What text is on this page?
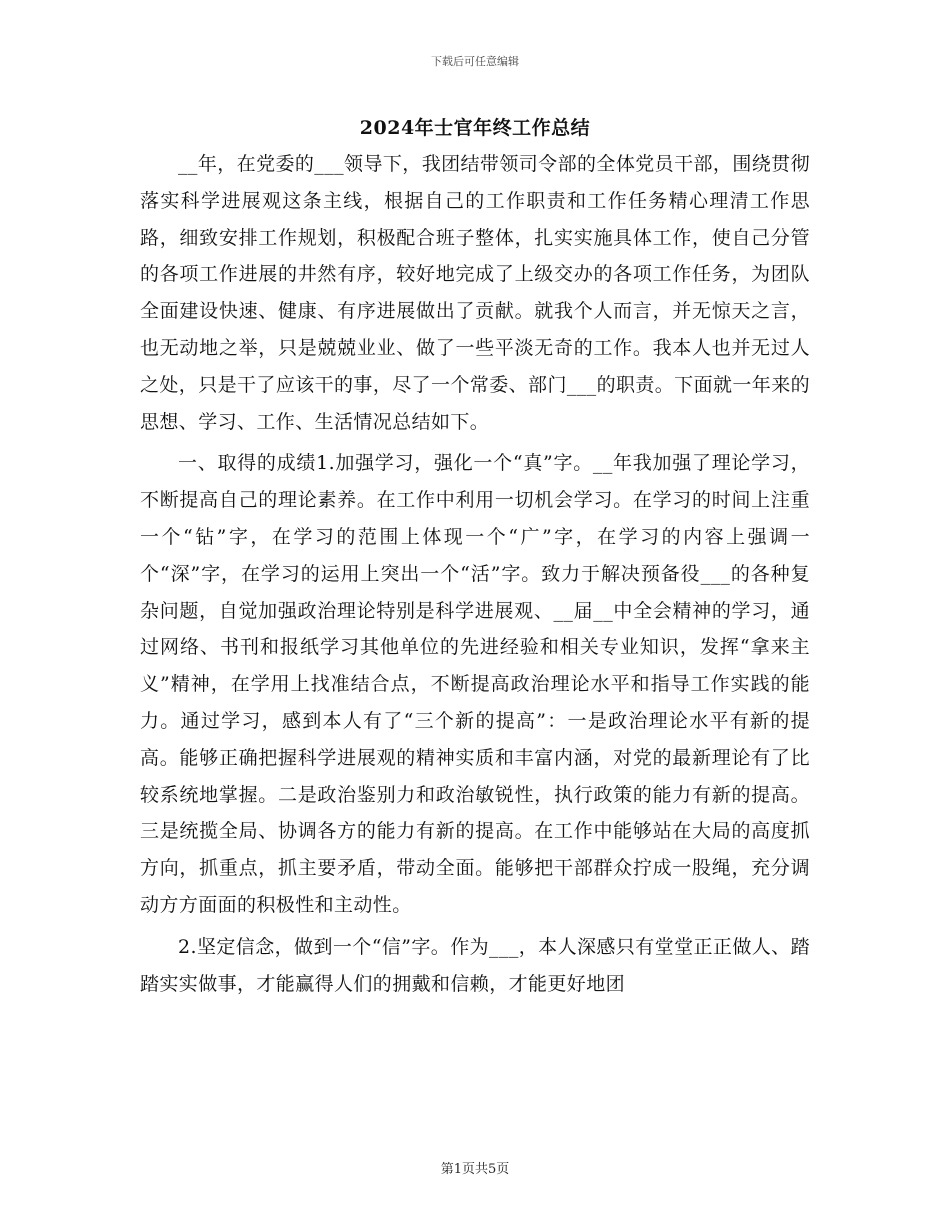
下载后可任意编辑
2024年士官年终工作总结

__年，在党委的___领导下，我团结带领司令部的全体党员干部，围绕贯彻落实科学进展观这条主线，根据自己的工作职责和工作任务精心理清工作思路，细致安排工作规划，积极配合班子整体，扎实实施具体工作，使自己分管的各项工作进展的井然有序，较好地完成了上级交办的各项工作任务，为团队全面建设快速、健康、有序进展做出了贡献。就我个人而言，并无惊天之言，也无动地之举，只是兢兢业业、做了一些平淡无奇的工作。我本人也并无过人之处，只是干了应该干的事，尽了一个常委、部门___的职责。下面就一年来的思想、学习、工作、生活情况总结如下。

一、取得的成绩1.加强学习，强化一个“真”字。__年我加强了理论学习，不断提高自己的理论素养。在工作中利用一切机会学习。在学习的时间上注重一个“钻”字，在学习的范围上体现一个“广”字，在学习的内容上强调一个“深”字，在学习的运用上突出一个“活”字。致力于解决预备役___的各种复杂问题，自觉加强政治理论特别是科学进展观、__届__中全会精神的学习，通过网络、书刊和报纸学习其他单位的先进经验和相关专业知识，发挥“拿来主义”精神，在学用上找准结合点，不断提高政治理论水平和指导工作实践的能力。通过学习，感到本人有了“三个新的提高”：一是政治理论水平有新的提高。能够正确把握科学进展观的精神实质和丰富内涵，对党的最新理论有了比较系统地掌握。二是政治鉴别力和政治敏锐性，执行政策的能力有新的提高。三是统揽全局、协调各方的能力有新的提高。在工作中能够站在大局的高度抓方向，抓重点，抓主要矛盾，带动全面。能够把干部群众拧成一股绳，充分调动方方面面的积极性和主动性。

2.坚定信念，做到一个“信”字。作为___，本人深感只有堂堂正正做人、踏踏实实做事，才能赢得人们的拥戴和信赖，才能更好地团

第1页共5页
